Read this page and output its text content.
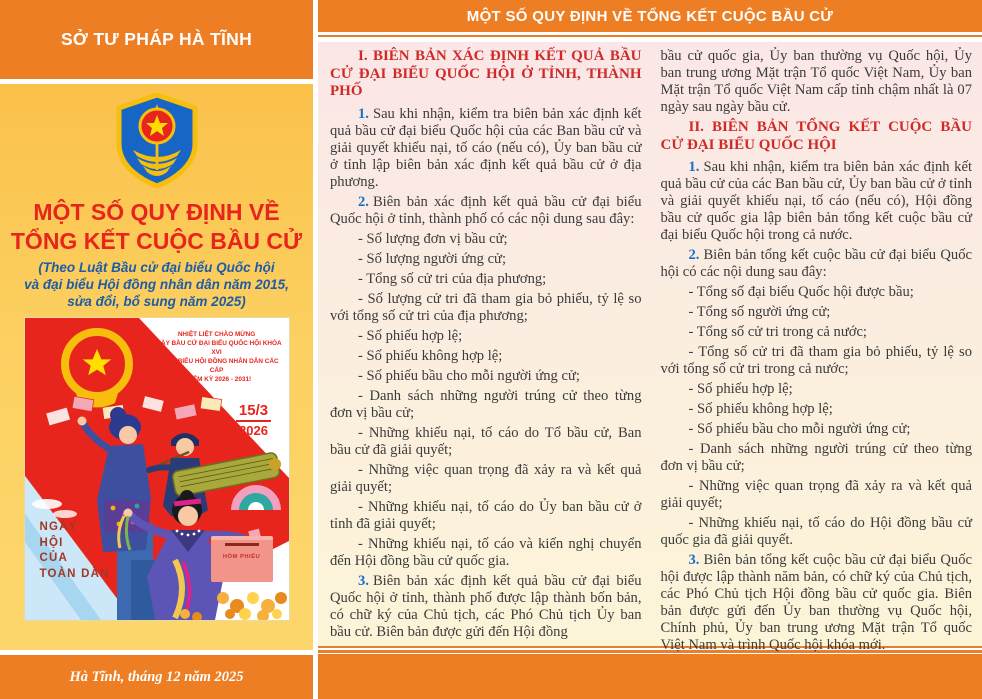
SỞ TƯ PHÁP HÀ TĨNH
MỘT SỐ QUY ĐỊNH VỀ
TỔNG KẾT CUỘC BẦU CỬ
(Theo Luật Bầu cử đại biểu Quốc hội
và đại biểu Hội đồng nhân dân năm 2015,
sửa đổi, bổ sung năm 2025)
NHIỆT LIỆT CHÀO MỪNG
NGÀY BẦU CỬ ĐẠI BIỂU QUỐC HỘI KHÓA XVI
VÀ ĐẠI BIỂU HỘI ĐỒNG NHÂN DÂN CÁC CẤP
NHIỆM KỲ 2026 - 2031!
15/3
2026
NGÀY
HỘI
CỦA
TOÀN DÂN
HÒM PHIẾU
Hà Tĩnh, tháng 12 năm 2025
MỘT SỐ QUY ĐỊNH VỀ TỔNG KẾT CUỘC BẦU CỬ
I. BIÊN BẢN XÁC ĐỊNH KẾT QUẢ BẦU CỬ ĐẠI BIỂU QUỐC HỘI Ở TỈNH, THÀNH PHỐ

1. Sau khi nhận, kiểm tra biên bản xác định kết quả bầu cử đại biểu Quốc hội của các Ban bầu cử và giải quyết khiếu nại, tố cáo (nếu có), Ủy ban bầu cử ở tỉnh lập biên bản xác định kết quả bầu cử ở địa phương.

2. Biên bản xác định kết quả bầu cử đại biểu Quốc hội ở tỉnh, thành phố có các nội dung sau đây:

- Số lượng đơn vị bầu cử;

- Số lượng người ứng cử;

- Tổng số cử tri của địa phương;

- Số lượng cử tri đã tham gia bỏ phiếu, tỷ lệ so với tổng số cử tri của địa phương;

- Số phiếu hợp lệ;

- Số phiếu không hợp lệ;

- Số phiếu bầu cho mỗi người ứng cử;

- Danh sách những người trúng cử theo từng đơn vị bầu cử;

- Những khiếu nại, tố cáo do Tổ bầu cử, Ban bầu cử đã giải quyết;

- Những việc quan trọng đã xảy ra và kết quả giải quyết;

- Những khiếu nại, tố cáo do Ủy ban bầu cử ở tỉnh đã giải quyết;

- Những khiếu nại, tố cáo và kiến nghị chuyển đến Hội đồng bầu cử quốc gia.

3. Biên bản xác định kết quả bầu cử đại biểu Quốc hội ở tỉnh, thành phố được lập thành bốn bản, có chữ ký của Chủ tịch, các Phó Chủ tịch Ủy ban bầu cử. Biên bản được gửi đến Hội đồng

bầu cử quốc gia, Ủy ban thường vụ Quốc hội, Ủy ban trung ương Mặt trận Tổ quốc Việt Nam, Ủy ban Mặt trận Tổ quốc Việt Nam cấp tỉnh chậm nhất là 07 ngày sau ngày bầu cử.

II. BIÊN BẢN TỔNG KẾT CUỘC BẦU CỬ ĐẠI BIỂU QUỐC HỘI

1. Sau khi nhận, kiểm tra biên bản xác định kết quả bầu cử của các Ban bầu cử, Ủy ban bầu cử ở tỉnh và giải quyết khiếu nại, tố cáo (nếu có), Hội đồng bầu cử quốc gia lập biên bản tổng kết cuộc bầu cử đại biểu Quốc hội trong cả nước.

2. Biên bản tổng kết cuộc bầu cử đại biểu Quốc hội có các nội dung sau đây:

- Tổng số đại biểu Quốc hội được bầu;

- Tổng số người ứng cử;

- Tổng số cử tri trong cả nước;

- Tổng số cử tri đã tham gia bỏ phiếu, tỷ lệ so với tổng số cử tri trong cả nước;

- Số phiếu hợp lệ;

- Số phiếu không hợp lệ;

- Số phiếu bầu cho mỗi người ứng cử;

- Danh sách những người trúng cử theo từng đơn vị bầu cử;

- Những việc quan trọng đã xảy ra và kết quả giải quyết;

- Những khiếu nại, tố cáo do Hội đồng bầu cử quốc gia đã giải quyết.

3. Biên bản tổng kết cuộc bầu cử đại biểu Quốc hội được lập thành năm bản, có chữ ký của Chủ tịch, các Phó Chủ tịch Hội đồng bầu cử quốc gia. Biên bản được gửi đến Ủy ban thường vụ Quốc hội, Chính phủ, Ủy ban trung ương Mặt trận Tổ quốc Việt Nam và trình Quốc hội khóa mới.
